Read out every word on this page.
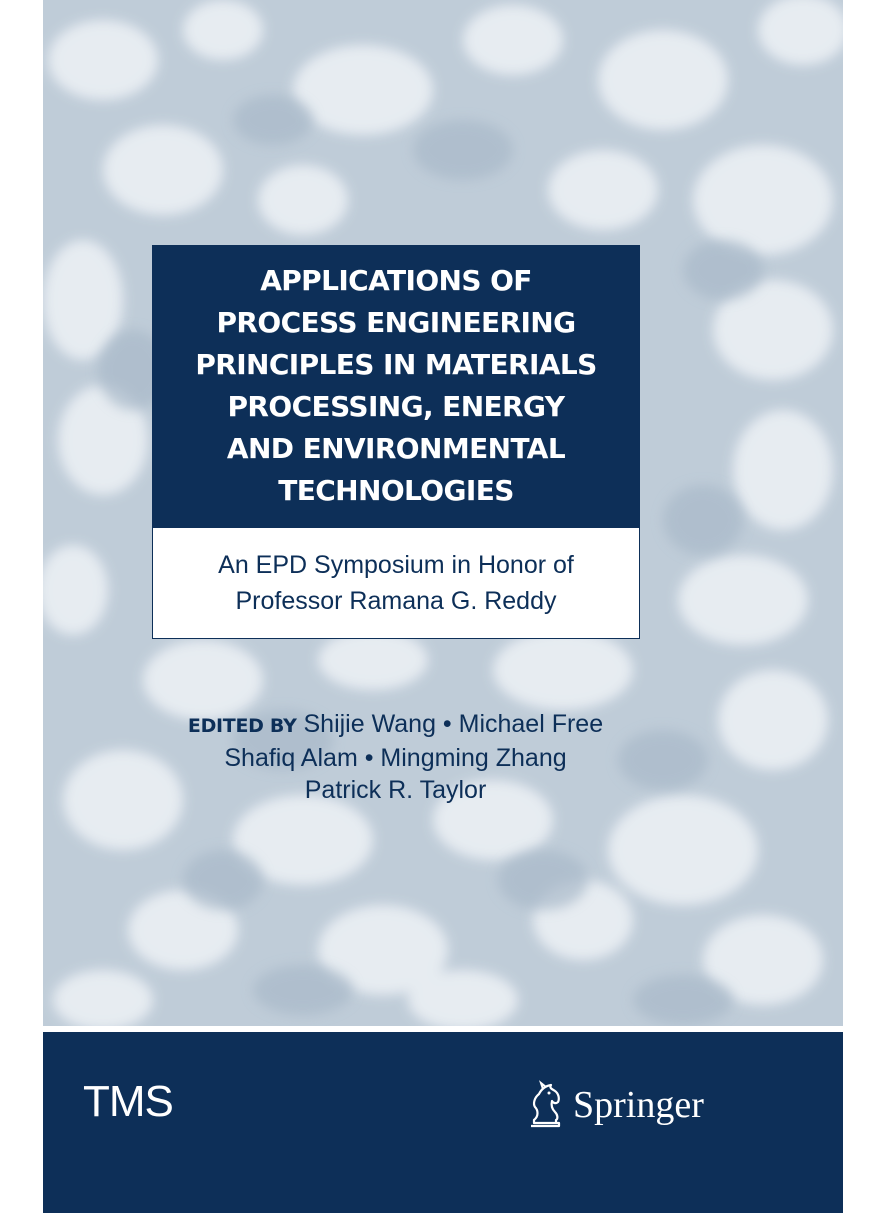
APPLICATIONS OF
PROCESS ENGINEERING
PRINCIPLES IN MATERIALS
PROCESSING, ENERGY
AND ENVIRONMENTAL
TECHNOLOGIES

An EPD Symposium in Honor of
Professor Ramana G. Reddy

EDITED BY Shijie Wang • Michael Free
Shafiq Alam • Mingming Zhang
Patrick R. Taylor
TMS	Springer
